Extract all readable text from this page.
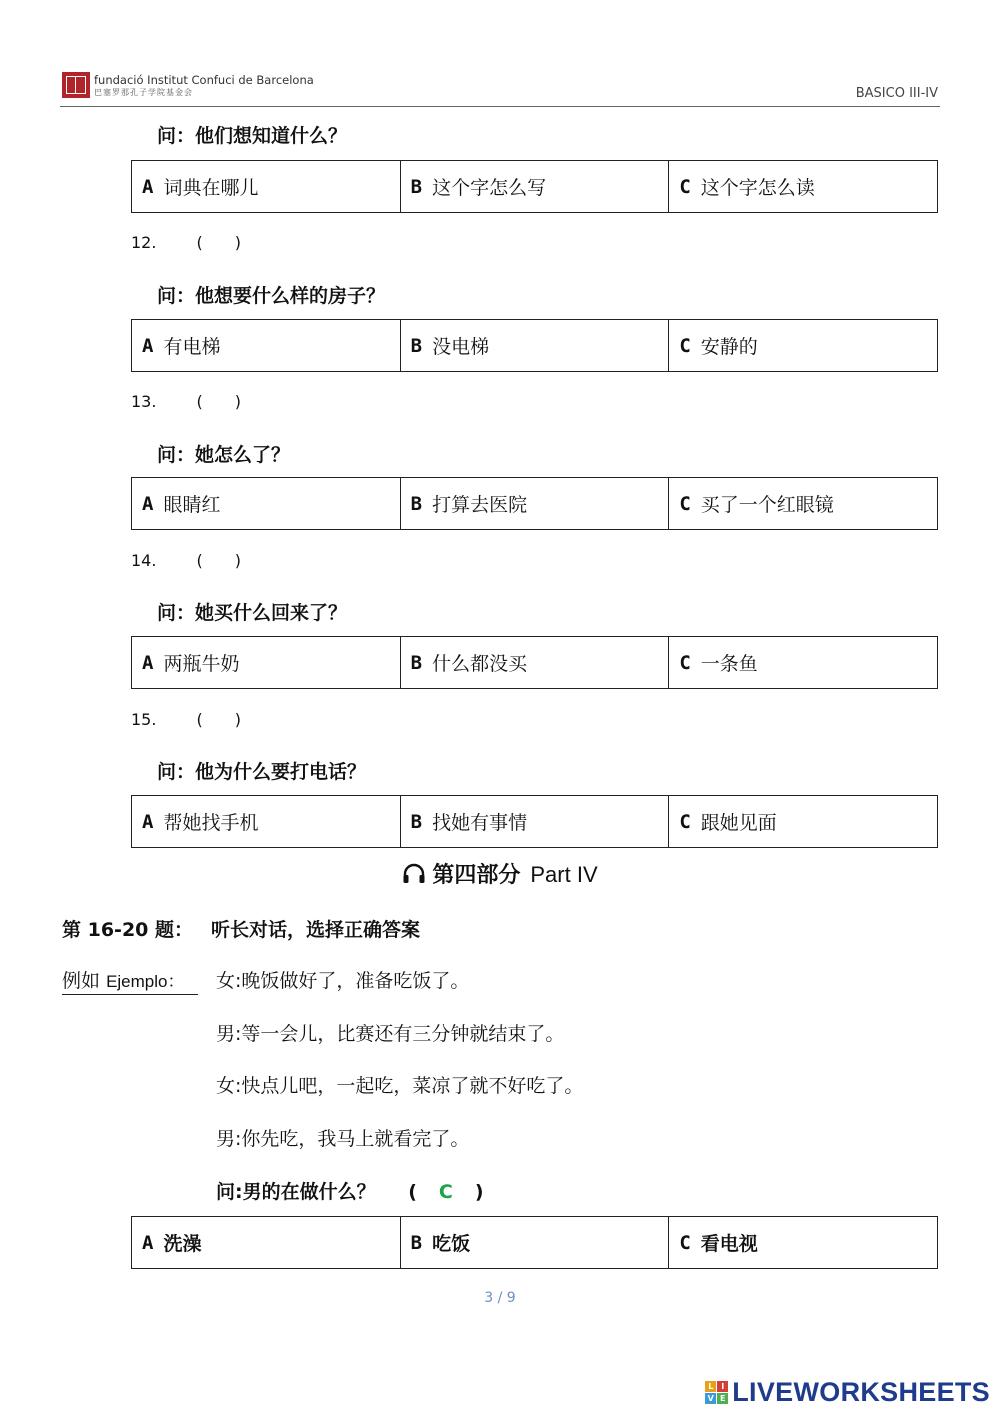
fundació Institut Confuci de Barcelona
巴塞罗那孔子学院基金会	BASICO III-IV
问：他们想知道什么？
A 词典在哪儿	B 这个字怎么写	C 这个字怎么读
12.	(　　)
问：他想要什么样的房子？
A 有电梯	B 没电梯	C 安静的
13.	(　　)
问：她怎么了？
A 眼睛红	B 打算去医院	C 买了一个红眼镜
14.	(　　)
问：她买什么回来了？
A 两瓶牛奶	B 什么都没买	C 一条鱼
15.	(　　)
问：他为什么要打电话？
A 帮她找手机	B 找她有事情	C 跟她见面
第四部分 Part IV
第 16-20 题： 听长对话，选择正确答案
例如 Ejemplo：	女:晚饭做好了，准备吃饭了。
男:等一会儿，比赛还有三分钟就结束了。
女:快点儿吧，一起吃，菜凉了就不好吃了。
男:你先吃，我马上就看完了。
问:男的在做什么？ ( C )
A 洗澡	B 吃饭	C 看电视
3 / 9
L I
V E LIVEWORKSHEETS
